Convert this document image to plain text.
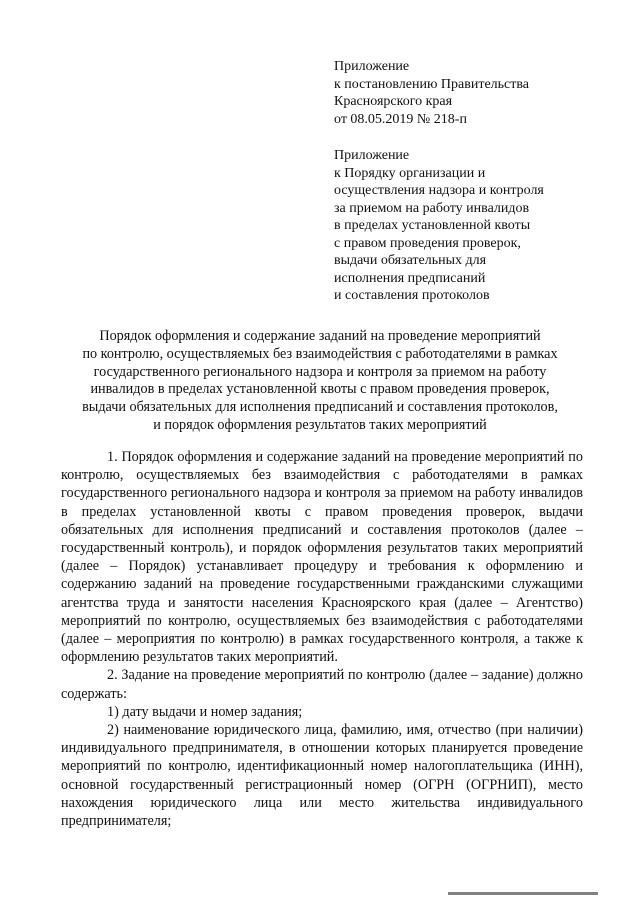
Приложение
к постановлению Правительства
Красноярского края
от 08.05.2019 № 218-п
Приложение
к Порядку организации и
осуществления надзора и контроля
за приемом на работу инвалидов
в пределах установленной квоты
с правом проведения проверок,
выдачи обязательных для
исполнения предписаний
и составления протоколов
Порядок оформления и содержание заданий на проведение мероприятий
по контролю, осуществляемых без взаимодействия с работодателями в рамках
государственного регионального надзора и контроля за приемом на работу
инвалидов в пределах установленной квоты с правом проведения проверок,
выдачи обязательных для исполнения предписаний и составления протоколов,
и порядок оформления результатов таких мероприятий

1. Порядок оформления и содержание заданий на проведение мероприятий по контролю, осуществляемых без взаимодействия с работодателями в рамках государственного регионального надзора и контроля за приемом на работу инвалидов в пределах установленной квоты с правом проведения проверок, выдачи обязательных для исполнения предписаний и составления протоколов (далее – государственный контроль), и порядок оформления результатов таких мероприятий (далее – Порядок) устанавливает процедуру и требования к оформлению и содержанию заданий на проведение государственными гражданскими служащими агентства труда и занятости населения Красноярского края (далее – Агентство) мероприятий по контролю, осуществляемых без взаимодействия с работодателями (далее – мероприятия по контролю) в рамках государственного контроля, а также к оформлению результатов таких мероприятий.

2. Задание на проведение мероприятий по контролю (далее – задание) должно содержать:

1) дату выдачи и номер задания;

2) наименование юридического лица, фамилию, имя, отчество (при наличии) индивидуального предпринимателя, в отношении которых планируется проведение мероприятий по контролю, идентификационный номер налогоплательщика (ИНН), основной государственный регистрационный номер (ОГРН (ОГРНИП), место нахождения юридического лица или место жительства индивидуального предпринимателя;
